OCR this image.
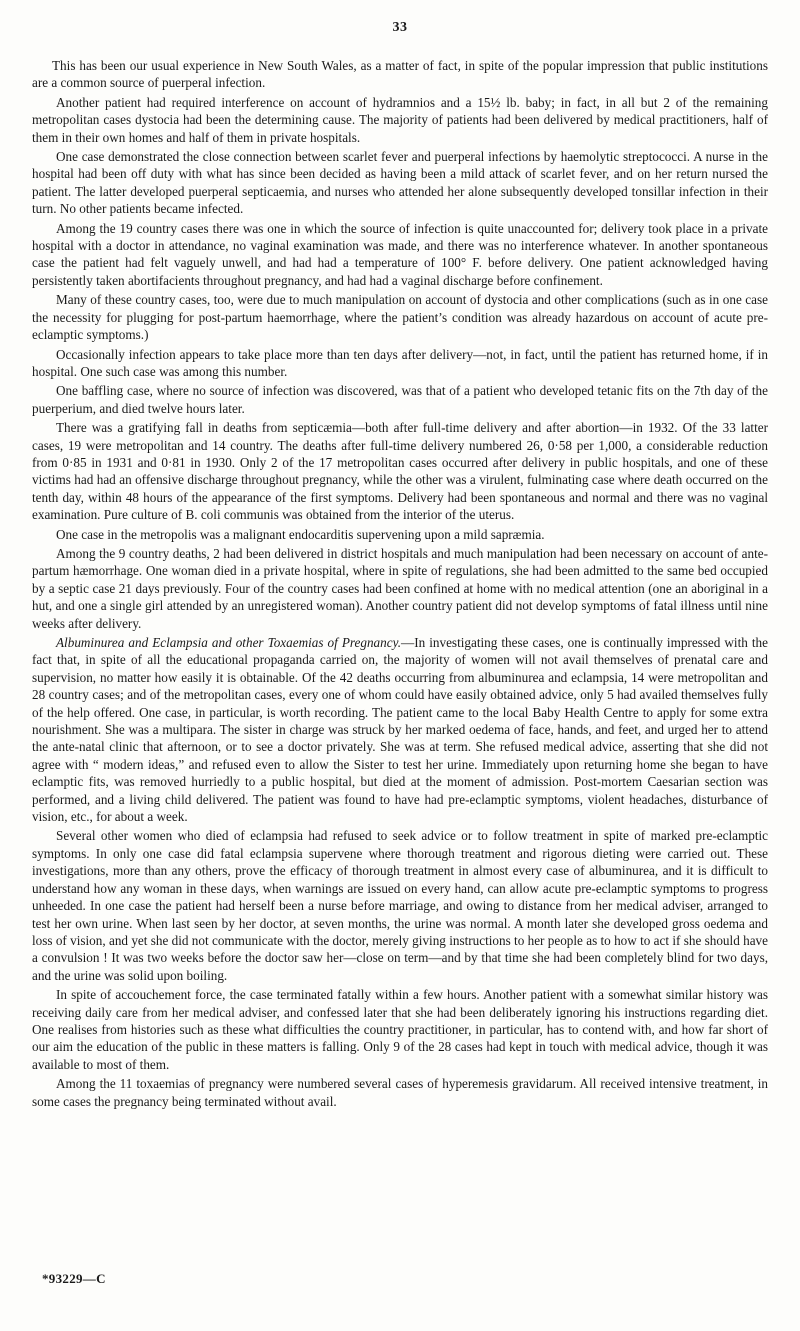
33

This has been our usual experience in New South Wales, as a matter of fact, in spite of the popular impression that public institutions are a common source of puerperal infection.

Another patient had required interference on account of hydramnios and a 15½ lb. baby; in fact, in all but 2 of the remaining metropolitan cases dystocia had been the determining cause. The majority of patients had been delivered by medical practitioners, half of them in their own homes and half of them in private hospitals.

One case demonstrated the close connection between scarlet fever and puerperal infections by haemolytic streptococci. A nurse in the hospital had been off duty with what has since been decided as having been a mild attack of scarlet fever, and on her return nursed the patient. The latter developed puerperal septicaemia, and nurses who attended her alone subsequently developed tonsillar infection in their turn. No other patients became infected.

Among the 19 country cases there was one in which the source of infection is quite unaccounted for; delivery took place in a private hospital with a doctor in attendance, no vaginal examination was made, and there was no interference whatever. In another spontaneous case the patient had felt vaguely unwell, and had had a temperature of 100° F. before delivery. One patient acknowledged having persistently taken abortifacients throughout pregnancy, and had had a vaginal discharge before confinement.

Many of these country cases, too, were due to much manipulation on account of dystocia and other complications (such as in one case the necessity for plugging for post-partum haemorrhage, where the patient’s condition was already hazardous on account of acute pre-eclamptic symptoms.)

Occasionally infection appears to take place more than ten days after delivery—not, in fact, until the patient has returned home, if in hospital. One such case was among this number.

One baffling case, where no source of infection was discovered, was that of a patient who developed tetanic fits on the 7th day of the puerperium, and died twelve hours later.

There was a gratifying fall in deaths from septicæmia—both after full-time delivery and after abortion—in 1932. Of the 33 latter cases, 19 were metropolitan and 14 country. The deaths after full-time delivery numbered 26, 0·58 per 1,000, a considerable reduction from 0·85 in 1931 and 0·81 in 1930. Only 2 of the 17 metropolitan cases occurred after delivery in public hospitals, and one of these victims had had an offensive discharge throughout pregnancy, while the other was a virulent, fulminating case where death occurred on the tenth day, within 48 hours of the appearance of the first symptoms. Delivery had been spontaneous and normal and there was no vaginal examination. Pure culture of B. coli communis was obtained from the interior of the uterus.

One case in the metropolis was a malignant endocarditis supervening upon a mild sapræmia.

Among the 9 country deaths, 2 had been delivered in district hospitals and much manipulation had been necessary on account of ante-partum hæmorrhage. One woman died in a private hospital, where in spite of regulations, she had been admitted to the same bed occupied by a septic case 21 days previously. Four of the country cases had been confined at home with no medical attention (one an aboriginal in a hut, and one a single girl attended by an unregistered woman). Another country patient did not develop symptoms of fatal illness until nine weeks after delivery.

Albuminurea and Eclampsia and other Toxaemias of Pregnancy.—In investigating these cases, one is continually impressed with the fact that, in spite of all the educational propaganda carried on, the majority of women will not avail themselves of prenatal care and supervision, no matter how easily it is obtainable. Of the 42 deaths occurring from albuminurea and eclampsia, 14 were metropolitan and 28 country cases; and of the metropolitan cases, every one of whom could have easily obtained advice, only 5 had availed themselves fully of the help offered. One case, in particular, is worth recording. The patient came to the local Baby Health Centre to apply for some extra nourishment. She was a multipara. The sister in charge was struck by her marked oedema of face, hands, and feet, and urged her to attend the ante-natal clinic that afternoon, or to see a doctor privately. She was at term. She refused medical advice, asserting that she did not agree with “ modern ideas,” and refused even to allow the Sister to test her urine. Immediately upon returning home she began to have eclamptic fits, was removed hurriedly to a public hospital, but died at the moment of admission. Post-mortem Caesarian section was performed, and a living child delivered. The patient was found to have had pre-eclamptic symptoms, violent headaches, disturbance of vision, etc., for about a week.

Several other women who died of eclampsia had refused to seek advice or to follow treatment in spite of marked pre-eclamptic symptoms. In only one case did fatal eclampsia supervene where thorough treatment and rigorous dieting were carried out. These investigations, more than any others, prove the efficacy of thorough treatment in almost every case of albuminurea, and it is difficult to understand how any woman in these days, when warnings are issued on every hand, can allow acute pre-eclamptic symptoms to progress unheeded. In one case the patient had herself been a nurse before marriage, and owing to distance from her medical adviser, arranged to test her own urine. When last seen by her doctor, at seven months, the urine was normal. A month later she developed gross oedema and loss of vision, and yet she did not communicate with the doctor, merely giving instructions to her people as to how to act if she should have a convulsion ! It was two weeks before the doctor saw her—close on term—and by that time she had been completely blind for two days, and the urine was solid upon boiling.

In spite of accouchement force, the case terminated fatally within a few hours. Another patient with a somewhat similar history was receiving daily care from her medical adviser, and confessed later that she had been deliberately ignoring his instructions regarding diet. One realises from histories such as these what difficulties the country practitioner, in particular, has to contend with, and how far short of our aim the education of the public in these matters is falling. Only 9 of the 28 cases had kept in touch with medical advice, though it was available to most of them.

Among the 11 toxaemias of pregnancy were numbered several cases of hyperemesis gravidarum. All received intensive treatment, in some cases the pregnancy being terminated without avail.

*93229—C
